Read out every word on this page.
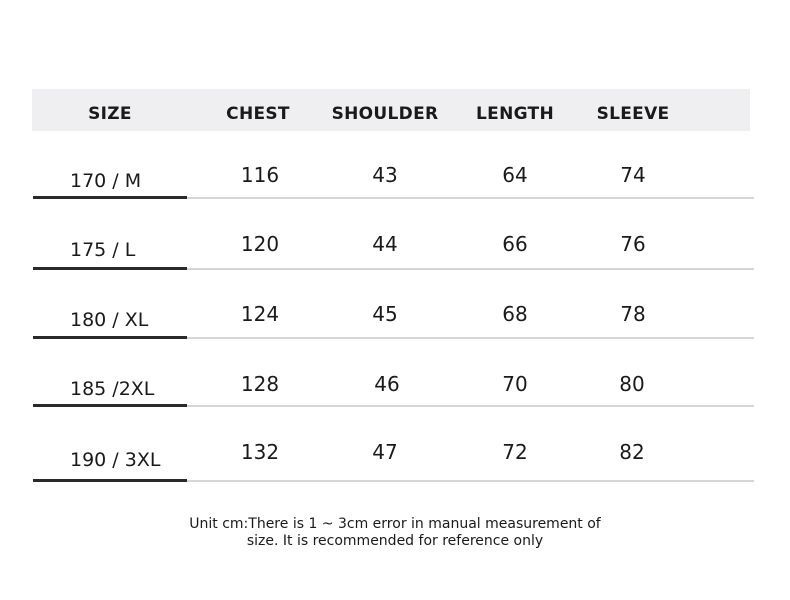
SIZE	CHEST SHOULDER LENGTH	SLEEVE
170 / M	116	43	64	74
175 / L	120	44	66	76
180 / XL	124	45	68	78
185 /2XL	128	46	70	80
190 / 3XL	132	47	72	82
Unit cm:There is 1 ~ 3cm error in manual measurement of
size. It is recommended for reference only
